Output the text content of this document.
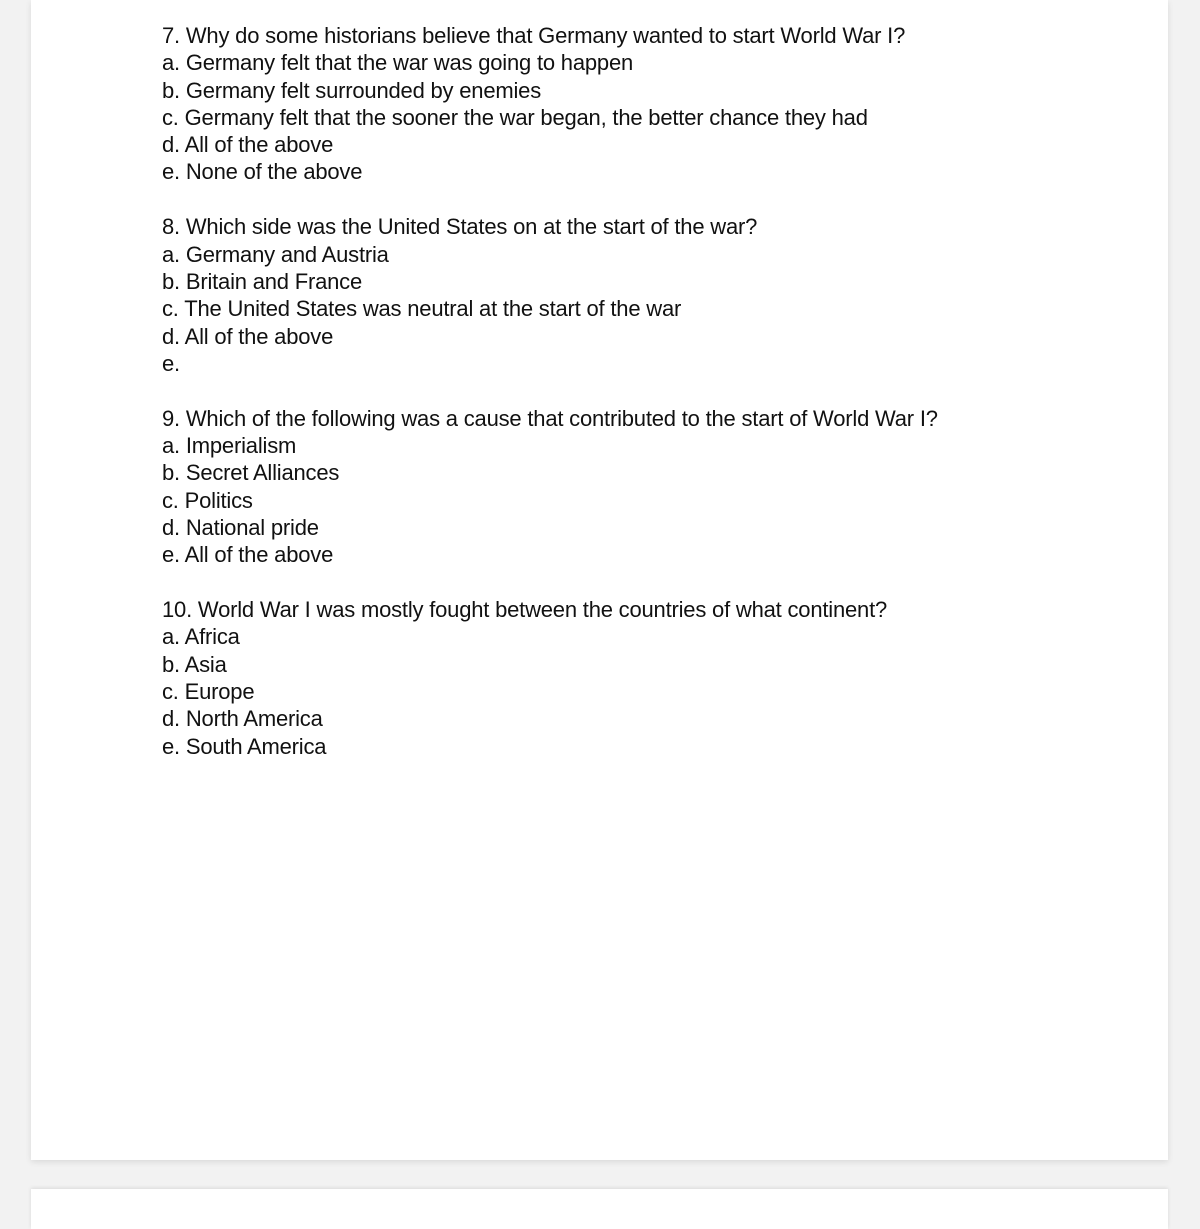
7. Why do some historians believe that Germany wanted to start World War I?
a. Germany felt that the war was going to happen
b. Germany felt surrounded by enemies
c. Germany felt that the sooner the war began, the better chance they had
d. All of the above
e. None of the above
8. Which side was the United States on at the start of the war?
a. Germany and Austria
b. Britain and France
c. The United States was neutral at the start of the war
d. All of the above
e.
9. Which of the following was a cause that contributed to the start of World War I?
a. Imperialism
b. Secret Alliances
c. Politics
d. National pride
e. All of the above
10. World War I was mostly fought between the countries of what continent?
a. Africa
b. Asia
c. Europe
d. North America
e. South America
